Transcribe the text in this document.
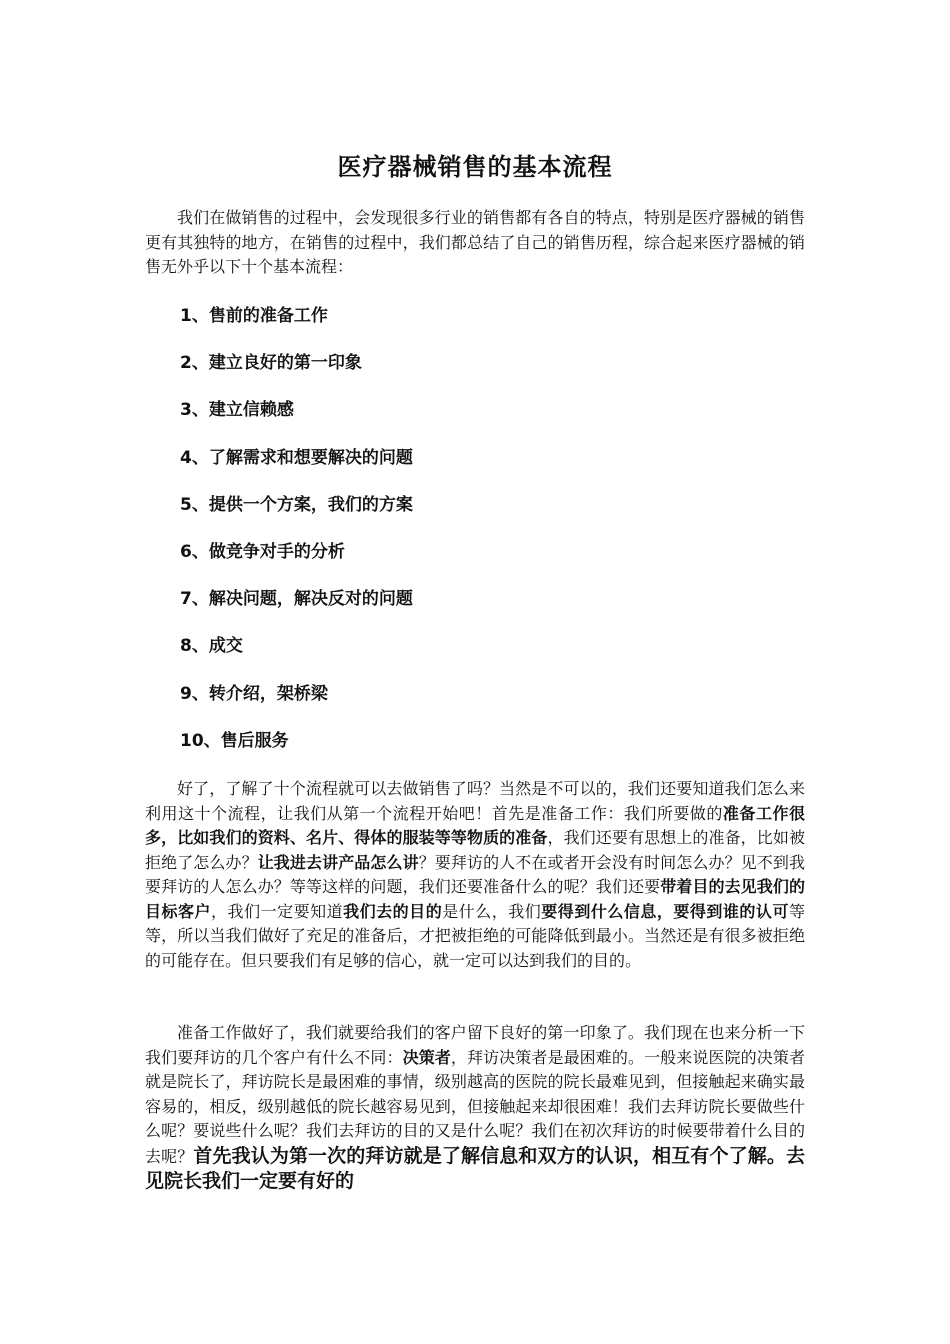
医疗器械销售的基本流程

我们在做销售的过程中，会发现很多行业的销售都有各自的特点，特别是医疗器械的销售更有其独特的地方，在销售的过程中，我们都总结了自己的销售历程，综合起来医疗器械的销售无外乎以下十个基本流程：

1、售前的准备工作

2、建立良好的第一印象

3、建立信赖感

4、了解需求和想要解决的问题

5、提供一个方案，我们的方案

6、做竞争对手的分析

7、解决问题，解决反对的问题

8、成交

9、转介绍，架桥梁

10、售后服务

好了，了解了十个流程就可以去做销售了吗？当然是不可以的，我们还要知道我们怎么来利用这十个流程，让我们从第一个流程开始吧！首先是准备工作：我们所要做的准备工作很多，比如我们的资料、名片、得体的服装等等物质的准备，我们还要有思想上的准备，比如被拒绝了怎么办？让我进去讲产品怎么讲？要拜访的人不在或者开会没有时间怎么办？见不到我要拜访的人怎么办？等等这样的问题，我们还要准备什么的呢？我们还要带着目的去见我们的目标客户，我们一定要知道我们去的目的是什么，我们要得到什么信息，要得到谁的认可等等，所以当我们做好了充足的准备后，才把被拒绝的可能降低到最小。当然还是有很多被拒绝的可能存在。但只要我们有足够的信心，就一定可以达到我们的目的。

准备工作做好了，我们就要给我们的客户留下良好的第一印象了。我们现在也来分析一下我们要拜访的几个客户有什么不同：决策者，拜访决策者是最困难的。一般来说医院的决策者就是院长了，拜访院长是最困难的事情，级别越高的医院的院长最难见到，但接触起来确实最容易的，相反，级别越低的院长越容易见到，但接触起来却很困难！我们去拜访院长要做些什么呢？要说些什么呢？我们去拜访的目的又是什么呢？我们在初次拜访的时候要带着什么目的去呢？首先我认为第一次的拜访就是了解信息和双方的认识，相互有个了解。去见院长我们一定要有好的
